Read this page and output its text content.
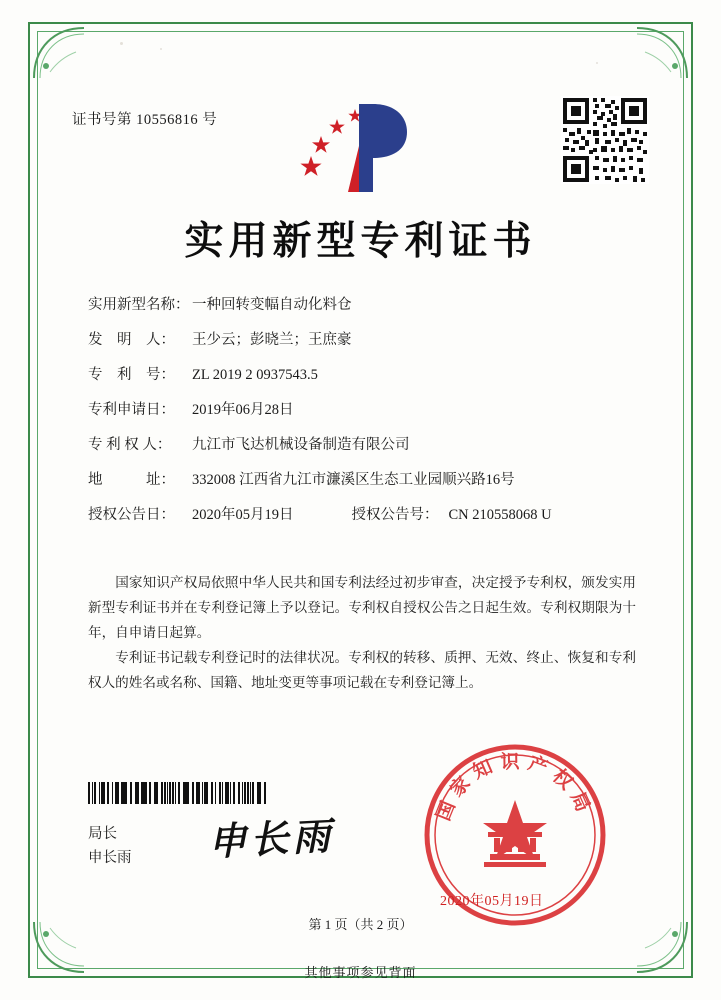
证书号第 10556816 号
实用新型专利证书
实用新型名称： 一种回转变幅自动化料仓
发　明　人：	王少云；彭晓兰；王庶豪
专　利　号：	ZL 2019 2 0937543.5
专利申请日：	2019年06月28日
专 利 权 人：	九江市飞达机械设备制造有限公司
地　　　址：	332008 江西省九江市濂溪区生态工业园顺兴路16号
授权公告日：	2020年05月19日	授权公告号： CN 210558068 U

国家知识产权局依照中华人民共和国专利法经过初步审查，决定授予专利权，颁发实用新型专利证书并在专利登记簿上予以登记。专利权自授权公告之日起生效。专利权期限为十年，自申请日起算。

专利证书记载专利登记时的法律状况。专利权的转移、质押、无效、终止、恢复和专利权人的姓名或名称、国籍、地址变更等事项记载在专利登记簿上。

局长
申长雨 申长雨
国家知识产权局
2020年05月19日
第 1 页（共 2 页）
其他事项参见背面
